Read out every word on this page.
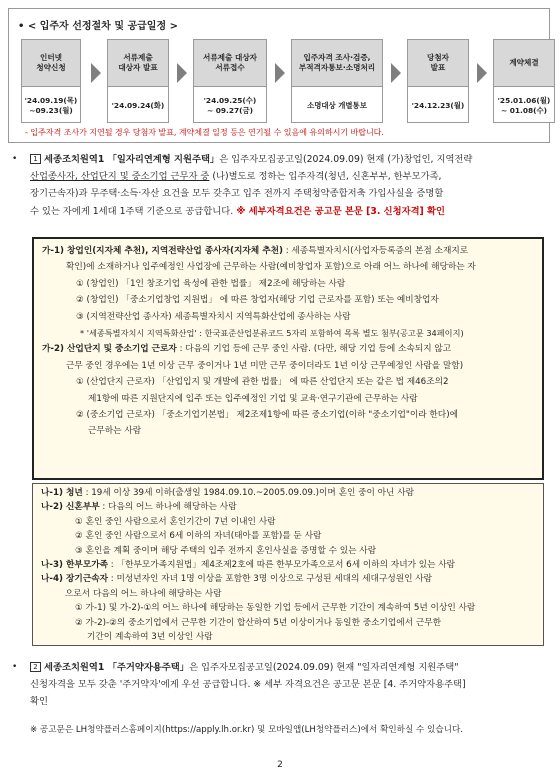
• < 입주자 선정절차 및 공급일정 >
인터넷
청약신청
'24.09.19(목)
~09.23(월)
서류제출
대상자 발표
'24.09.24(화)
서류제출 대상자
서류접수
'24.09.25(수)
~ 09.27(금)
입주자격 조사·검증,
부적격자통보·소명처리
소명대상 개별통보
당첨자
발표
'24.12.23(월)
계약체결
'25.01.06(월)
~ 01.08(수)
- 입주자격 조사가 지연될 경우 당첨자 발표, 계약체결 일정 등은 연기될 수 있음에 유의하시기 바랍니다.
•	1 세종조치원역1 「일자리연계형 지원주택」은 입주자모집공고일(2024.09.09) 현재 (가)창업인, 지역전략

산업종사자, 산업단지 및 중소기업 근무자 중 (나)별도로 정하는 입주자격(청년, 신혼부부, 한부모가족,

장기근속자)과 무주택·소득·자산 요건을 모두 갖추고 입주 전까지 주택청약종합저축 가입사실을 증명할

수 있는 자에게 1세대 1주택 기준으로 공급합니다. ※ 세부자격요건은 공고문 본문 [3. 신청자격] 확인

가-1) 창업인(지자체 추천), 지역전략산업 종사자(지자체 추천) : 세종특별자치시(사업자등록증의 본점 소재지로

확인)에 소재하거나 입주예정인 사업장에 근무하는 사람(예비창업자 포함)으로 아래 어느 하나에 해당하는 자

① (창업인) 「1인 창조기업 육성에 관한 법률」 제2조에 해당하는 사람

② (창업인) 「중소기업창업 지원법」 에 따른 창업자(해당 기업 근로자를 포함) 또는 예비창업자

③ (지역전략산업 종사자) 세종특별자치시 지역특화산업에 종사하는 사람

* '세종특별자치시 지역특화산업' : 한국표준산업분류코드 5자리 포함하여 목록 별도 첨부(공고문 34페이지)

가-2) 산업단지 및 중소기업 근로자 : 다음의 기업 등에 근무 중인 사람. (다만, 해당 기업 등에 소속되지 않고

근무 중인 경우에는 1년 이상 근무 중이거나 1년 미만 근무 중이더라도 1년 이상 근무예정인 사람을 말함)

① (산업단지 근로자) 「산업입지 및 개발에 관한 법률」 에 따른 산업단지 또는 같은 법 제46조의2

제1항에 따른 지원단지에 입주 또는 입주예정인 기업 및 교육·연구기관에 근무하는 사람

② (중소기업 근로자) 「중소기업기본법」 제2조제1항에 따른 중소기업(이하 "중소기업"이라 한다)에

근무하는 사람

나-1) 청년 : 19세 이상 39세 이하(출생일 1984.09.10.~2005.09.09.)이며 혼인 중이 아닌 사람

나-2) 신혼부부 : 다음의 어느 하나에 해당하는 사람

① 혼인 중인 사람으로서 혼인기간이 7년 이내인 사람

② 혼인 중인 사람으로서 6세 이하의 자녀(태아를 포함)를 둔 사람

③ 혼인을 계획 중이며 해당 주택의 입주 전까지 혼인사실을 증명할 수 있는 사람

나-3) 한부모가족 : 「한부모가족지원법」제4조제2호에 따른 한부모가족으로서 6세 이하의 자녀가 있는 사람

나-4) 장기근속자 : 미성년자인 자녀 1명 이상을 포함한 3명 이상으로 구성된 세대의 세대구성원인 사람

으로서 다음의 어느 하나에 해당하는 사람

① 가-1) 및 가-2)-①의 어느 하나에 해당하는 동일한 기업 등에서 근무한 기간이 계속하여 5년 이상인 사람

② 가-2)-②의 중소기업에서 근무한 기간이 합산하여 5년 이상이거나 동일한 중소기업에서 근무한

기간이 계속하여 3년 이상인 사람

•	2 세종조치원역1 「주거약자용주택」은 입주자모집공고일(2024.09.09) 현재 "일자리연계형 지원주택"

신청자격을 모두 갖춘 '주거약자'에게 우선 공급합니다. ※ 세부 자격요건은 공고문 본문 [4. 주거약자용주택]

확인

※ 공고문은 LH청약플러스홈페이지(https://apply.lh.or.kr) 및 모바일앱(LH청약플러스)에서 확인하실 수 있습니다.
2
